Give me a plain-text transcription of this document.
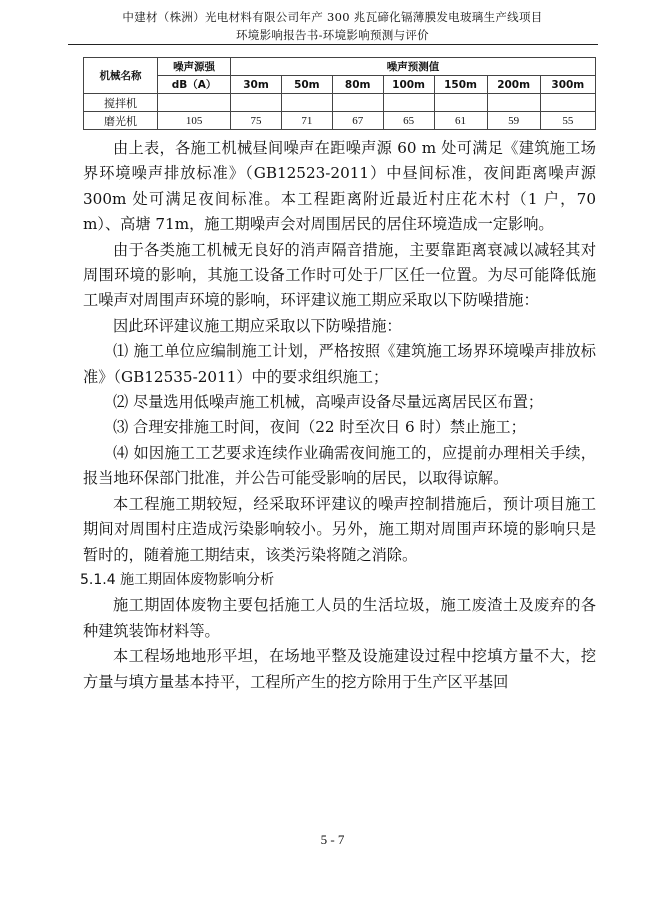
中建材（株洲）光电材料有限公司年产 300 兆瓦碲化镉薄膜发电玻璃生产线项目
环境影响报告书-环境影响预测与评价
机械名称	噪声源强	噪声预测值						
	dB（A）	30m	50m	80m	100m	150m	200m	300m
搅拌机								
磨光机	105	75	71	67	65	61	59	55

由上表，各施工机械昼间噪声在距噪声源 60 m 处可满足《建筑施工场界环境噪声排放标准》（GB12523-2011）中昼间标准，夜间距离噪声源 300m 处可满足夜间标准。本工程距离附近最近村庄花木村（1 户，70 m）、高塘 71m，施工期噪声会对周围居民的居住环境造成一定影响。

由于各类施工机械无良好的消声隔音措施，主要靠距离衰减以减轻其对周围环境的影响，其施工设备工作时可处于厂区任一位置。为尽可能降低施工噪声对周围声环境的影响，环评建议施工期应采取以下防噪措施：

因此环评建议施工期应采取以下防噪措施：

⑴ 施工单位应编制施工计划，严格按照《建筑施工场界环境噪声排放标准》（GB12535-2011）中的要求组织施工；

⑵ 尽量选用低噪声施工机械，高噪声设备尽量远离居民区布置；

⑶ 合理安排施工时间，夜间（22 时至次日 6 时）禁止施工；

⑷ 如因施工工艺要求连续作业确需夜间施工的，应提前办理相关手续，报当地环保部门批准，并公告可能受影响的居民，以取得谅解。

本工程施工期较短，经采取环评建议的噪声控制措施后，预计项目施工期间对周围村庄造成污染影响较小。另外，施工期对周围声环境的影响只是暂时的，随着施工期结束，该类污染将随之消除。

5.1.4 施工期固体废物影响分析

施工期固体废物主要包括施工人员的生活垃圾，施工废渣土及废弃的各种建筑装饰材料等。

本工程场地地形平坦，在场地平整及设施建设过程中挖填方量不大，挖方量与填方量基本持平，工程所产生的挖方除用于生产区平基回

5 - 7
